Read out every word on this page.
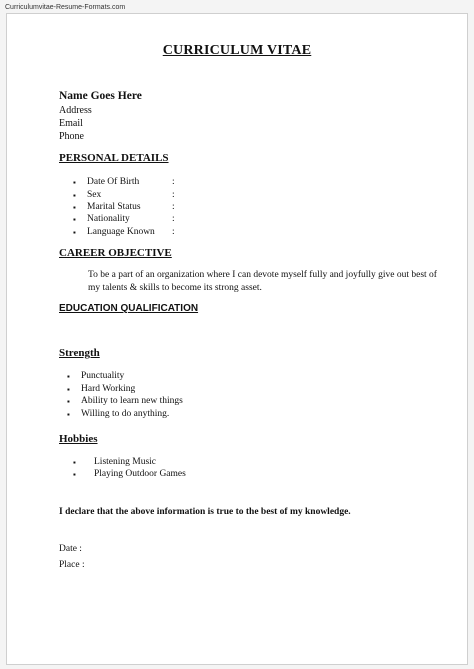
Curriculumvitae-Resume-Formats.com
CURRICULUM VITAE
Name Goes Here
Address
Email
Phone
PERSONAL DETAILS
▪ Date Of Birth	:
▪ Sex	:
▪ Marital Status	:
▪ Nationality	:
▪ Language Known :
CAREER OBJECTIVE
To be a part of an organization where I can devote myself fully and joyfully give out best of my talents & skills to become its strong asset.
EDUCATION QUALIFICATION
Strength
▪ Punctuality
▪ Hard Working
▪ Ability to learn new things
▪ Willing to do anything.
Hobbies
▪ Listening Music
▪ Playing Outdoor Games
I declare that the above information is true to the best of my knowledge.
Date :
Place :
